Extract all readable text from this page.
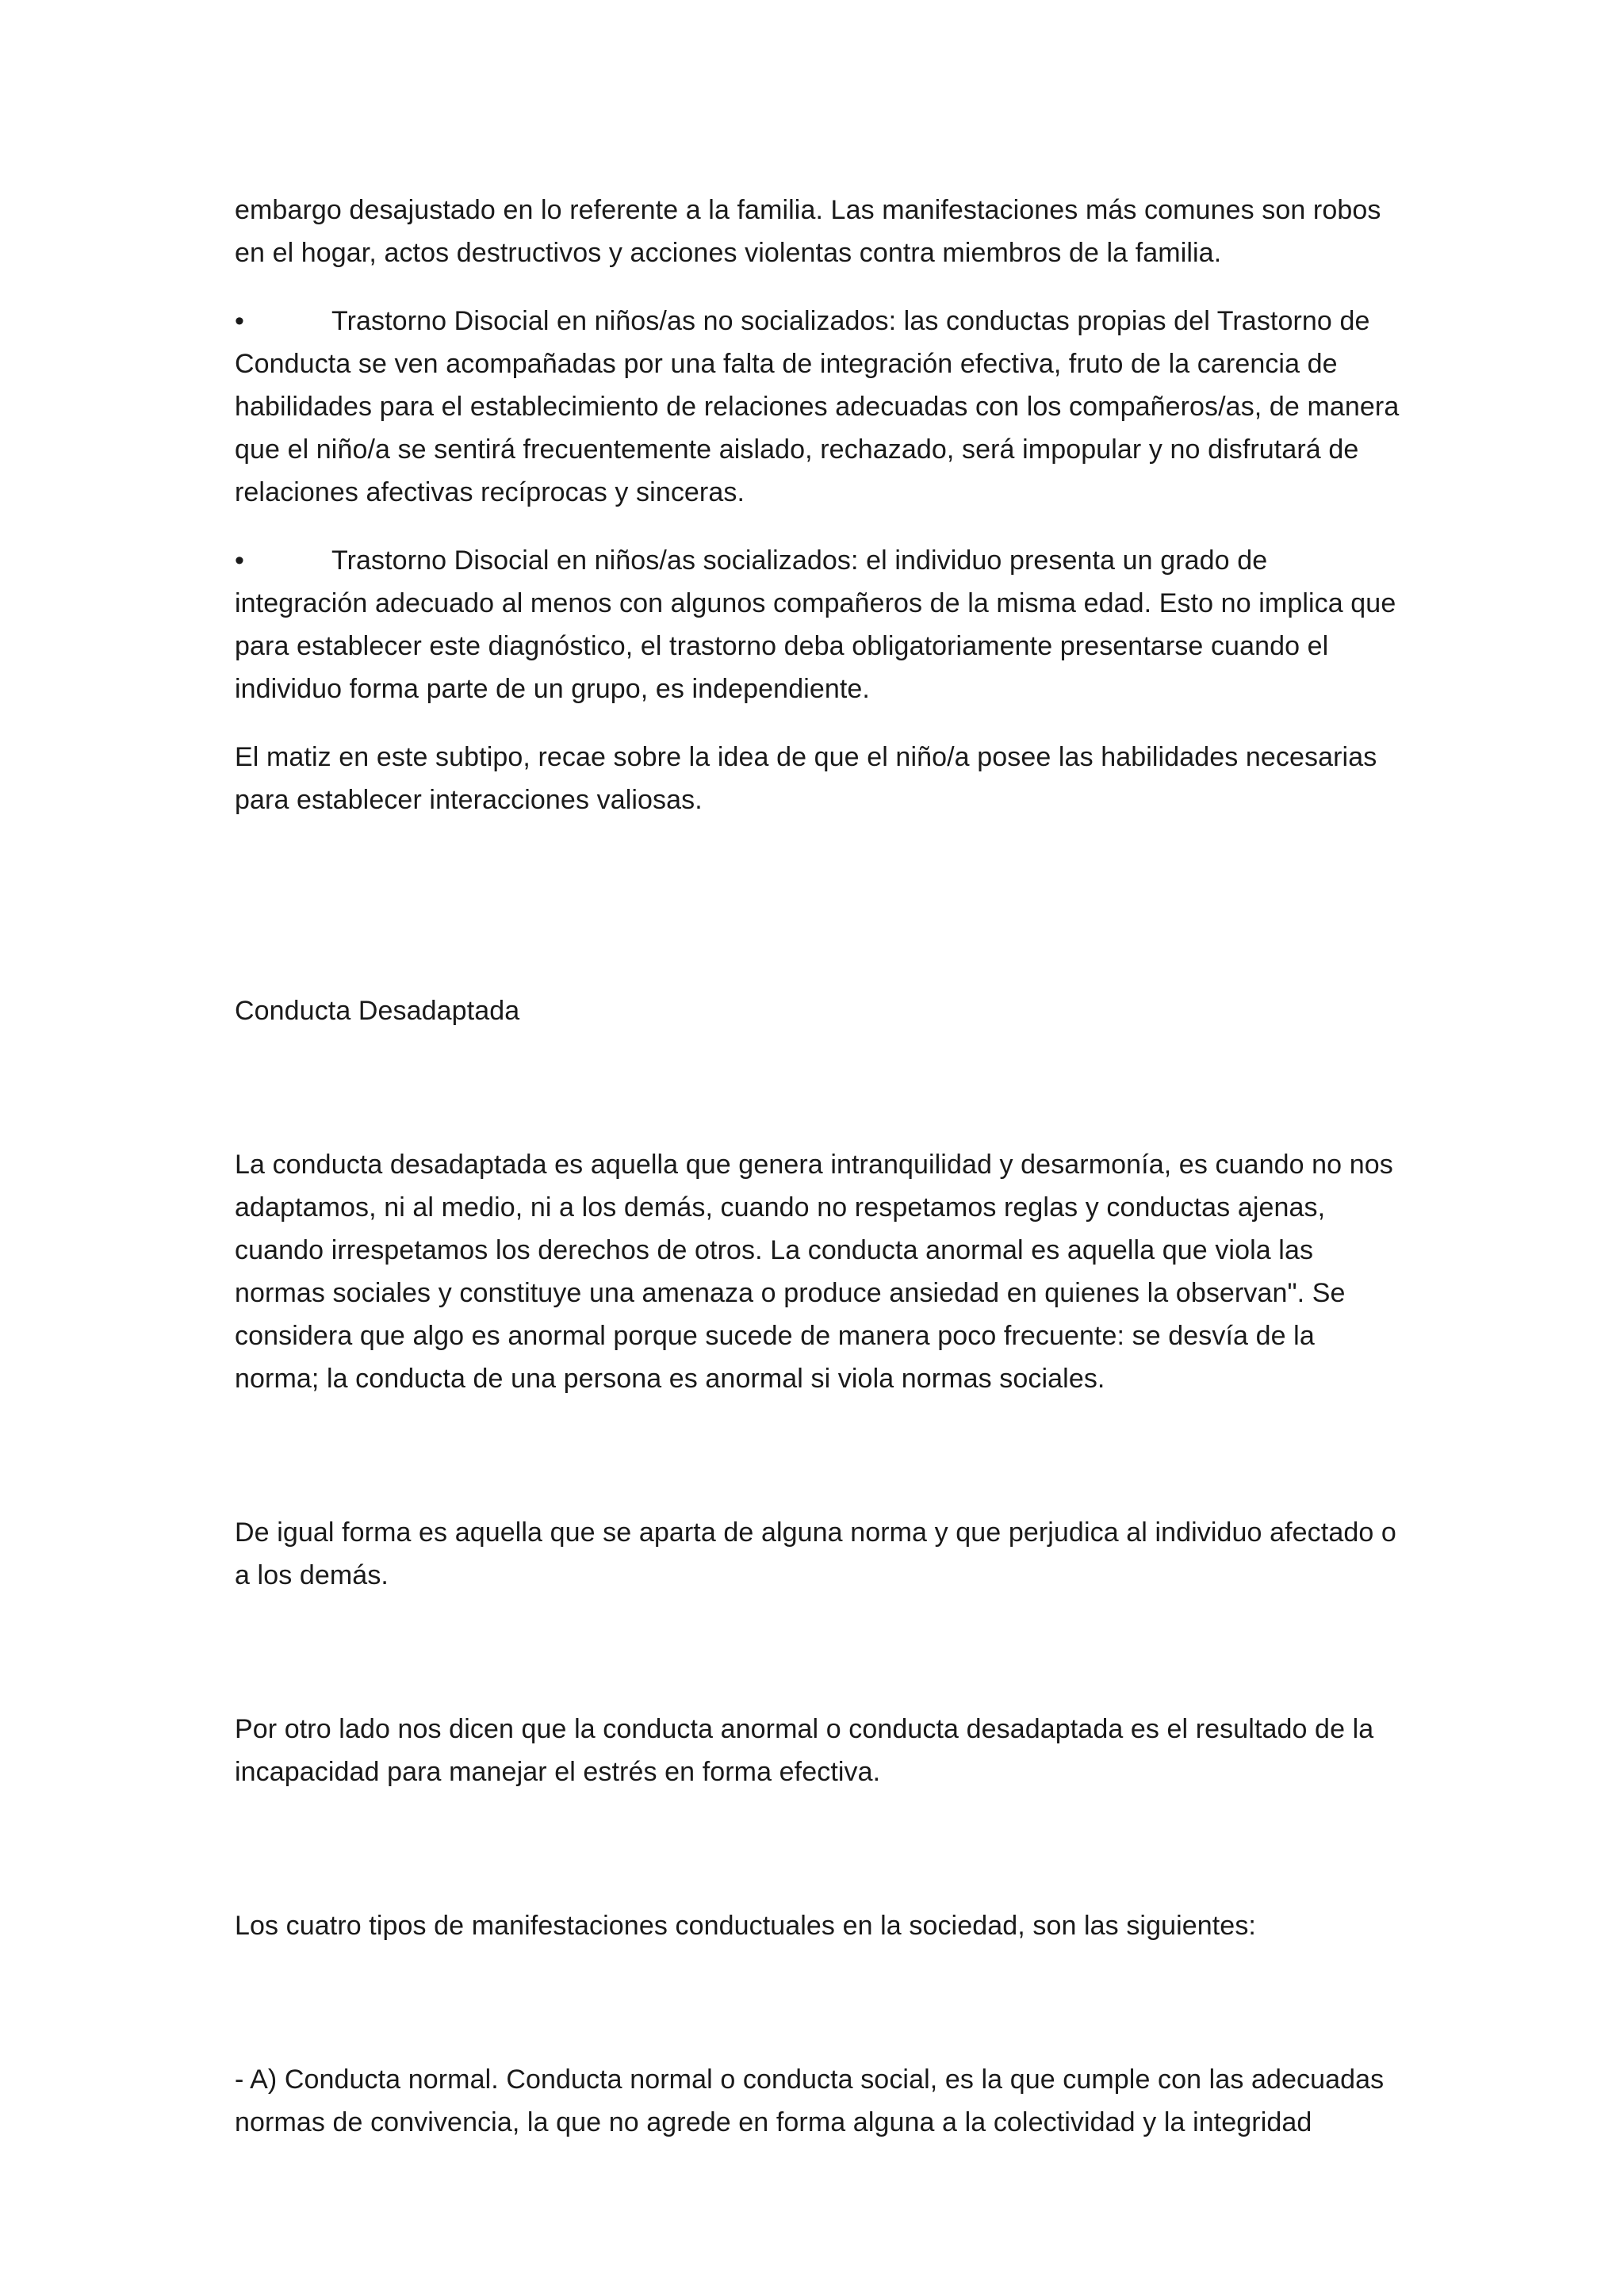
embargo desajustado en lo referente a la familia. Las manifestaciones más comunes son robos en el hogar, actos destructivos y acciones violentas contra miembros de la familia.

•	Trastorno Disocial en niños/as no socializados: las conductas propias del Trastorno de Conducta se ven acompañadas por una falta de integración efectiva, fruto de la carencia de habilidades para el establecimiento de relaciones adecuadas con los compañeros/as, de manera que el niño/a se sentirá frecuentemente aislado, rechazado, será impopular y no disfrutará de relaciones afectivas recíprocas y sinceras.

•	Trastorno Disocial en niños/as socializados: el individuo presenta un grado de integración adecuado al menos con algunos compañeros de la misma edad. Esto no implica que para establecer este diagnóstico, el trastorno deba obligatoriamente presentarse cuando el individuo forma parte de un grupo, es independiente.

El matiz en este subtipo, recae sobre la idea de que el niño/a posee las habilidades necesarias para establecer interacciones valiosas.

Conducta Desadaptada

La conducta desadaptada es aquella que genera intranquilidad y desarmonía, es cuando no nos adaptamos, ni al medio, ni a los demás, cuando no respetamos reglas y conductas ajenas, cuando irrespetamos los derechos de otros. La conducta anormal es aquella que viola las normas sociales y constituye una amenaza o produce ansiedad en quienes la observan". Se considera que algo es anormal porque sucede de manera poco frecuente: se desvía de la norma; la conducta de una persona es anormal si viola normas sociales.

De igual forma es aquella que se aparta de alguna norma y que perjudica al individuo afectado o a los demás.

Por otro lado nos dicen que la conducta anormal o conducta desadaptada es el resultado de la incapacidad para manejar el estrés en forma efectiva.

Los cuatro tipos de manifestaciones conductuales en la sociedad, son las siguientes:

- A) Conducta normal. Conducta normal o conducta social, es la que cumple con las adecuadas normas de convivencia, la que no agrede en forma alguna a la colectividad y la integridad
